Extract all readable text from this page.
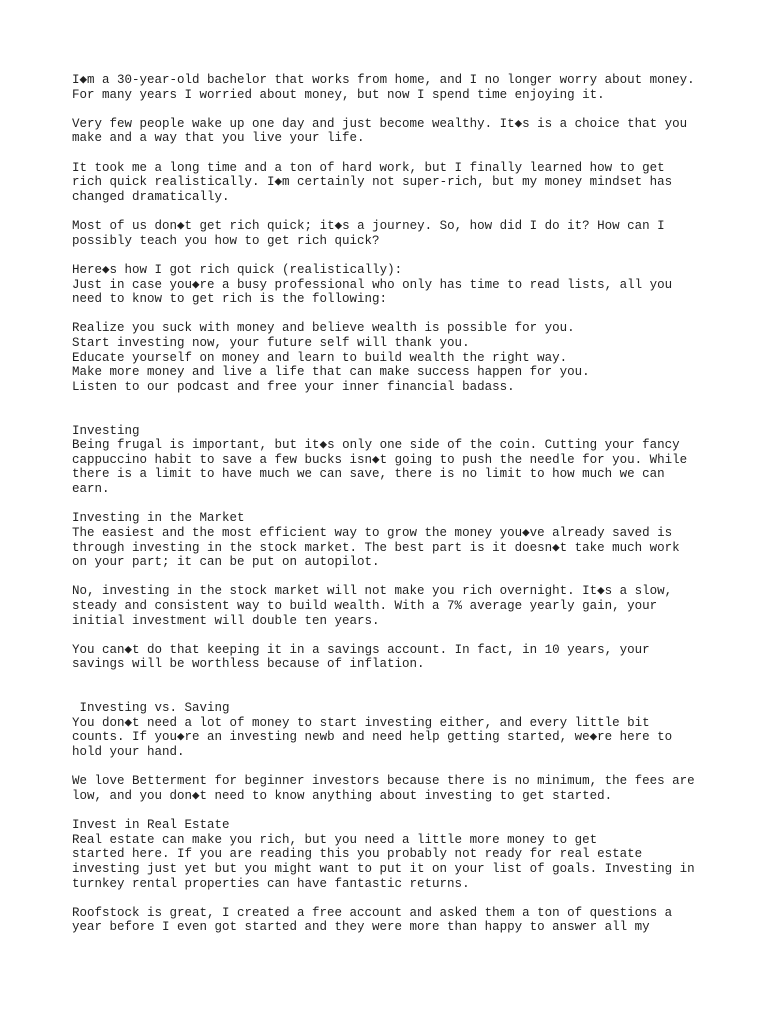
I◆m a 30-year-old bachelor that works from home, and I no longer worry about money.
For many years I worried about money, but now I spend time enjoying it.
Very few people wake up one day and just become wealthy. It◆s is a choice that you
make and a way that you live your life.
It took me a long time and a ton of hard work, but I finally learned how to get
rich quick realistically. I◆m certainly not super-rich, but my money mindset has
changed dramatically.
Most of us don◆t get rich quick; it◆s a journey. So, how did I do it? How can I
possibly teach you how to get rich quick?
Here◆s how I got rich quick (realistically):
Just in case you◆re a busy professional who only has time to read lists, all you
need to know to get rich is the following:
Realize you suck with money and believe wealth is possible for you.
Start investing now, your future self will thank you.
Educate yourself on money and learn to build wealth the right way.
Make more money and live a life that can make success happen for you.
Listen to our podcast and free your inner financial badass.
Investing
Being frugal is important, but it◆s only one side of the coin. Cutting your fancy
cappuccino habit to save a few bucks isn◆t going to push the needle for you. While
there is a limit to have much we can save, there is no limit to how much we can
earn.
Investing in the Market
The easiest and the most efficient way to grow the money you◆ve already saved is
through investing in the stock market. The best part is it doesn◆t take much work
on your part; it can be put on autopilot.
No, investing in the stock market will not make you rich overnight. It◆s a slow,
steady and consistent way to build wealth. With a 7% average yearly gain, your
initial investment will double ten years.
You can◆t do that keeping it in a savings account. In fact, in 10 years, your
savings will be worthless because of inflation.
Investing vs. Saving
You don◆t need a lot of money to start investing either, and every little bit
counts. If you◆re an investing newb and need help getting started, we◆re here to
hold your hand.
We love Betterment for beginner investors because there is no minimum, the fees are
low, and you don◆t need to know anything about investing to get started.
Invest in Real Estate
Real estate can make you rich, but you need a little more money to get
started here. If you are reading this you probably not ready for real estate
investing just yet but you might want to put it on your list of goals. Investing in
turnkey rental properties can have fantastic returns.
Roofstock is great, I created a free account and asked them a ton of questions a
year before I even got started and they were more than happy to answer all my
